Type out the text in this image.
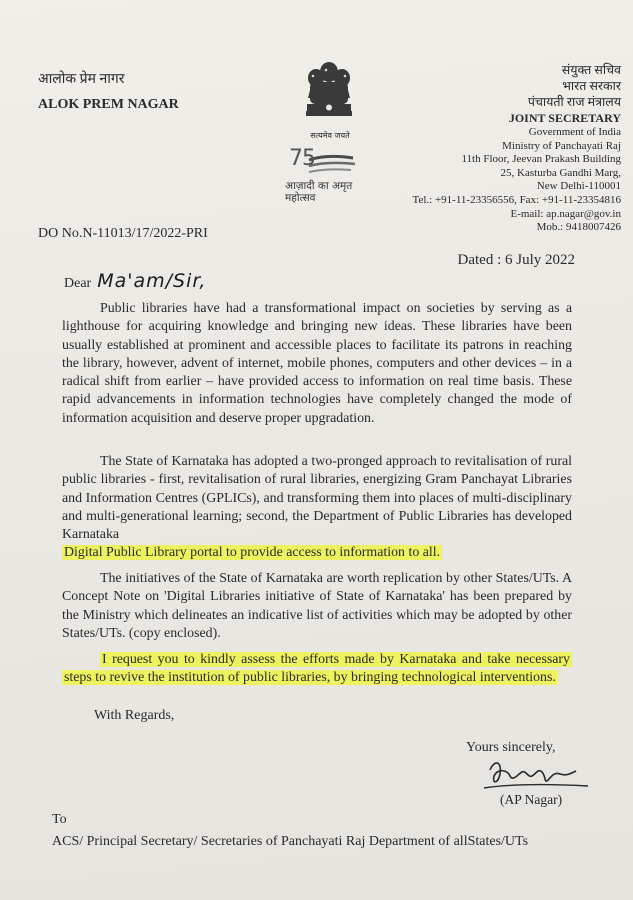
आलोक प्रेम नागर
ALOK PREM NAGAR
सत्यमेव जयते
75
आज़ादी का अमृत महोत्सव
संयुक्त सचिव
भारत सरकार
पंचायती राज मंत्रालय
JOINT SECRETARY
Government of India
Ministry of Panchayati Raj
11th Floor, Jeevan Prakash Building
25, Kasturba Gandhi Marg,
New Delhi-110001
Tel.: +91-11-23356556, Fax: +91-11-23354816
E-mail: ap.nagar@gov.in
Mob.: 9418007426
DO No.N-11013/17/2022-PRI
Dated : 6 July 2022
Dear Ma'am/Sir,

Public libraries have had a transformational impact on societies by serving as a lighthouse for acquiring knowledge and bringing new ideas. These libraries have been usually established at prominent and accessible places to facilitate its patrons in reaching the library, however, advent of internet, mobile phones, computers and other devices – in a radical shift from earlier – have provided access to information on real time basis. These rapid advancements in information technologies have completely changed the mode of information acquisition and deserve proper upgradation.

The State of Karnataka has adopted a two-pronged approach to revitalisation of rural public libraries - first, revitalisation of rural libraries, energizing Gram Panchayat Libraries and Information Centres (GPLICs), and transforming them into places of multi-disciplinary and multi-generational learning; second, the Department of Public Libraries has developed Karnataka

Digital Public Library portal to provide access to information to all.

The initiatives of the State of Karnataka are worth replication by other States/UTs. A Concept Note on 'Digital Libraries initiative of State of Karnataka' has been prepared by the Ministry which delineates an indicative list of activities which may be adopted by other States/UTs. (copy enclosed).

I request you to kindly assess the efforts made by Karnataka and take necessary steps to revive the institution of public libraries, by bringing technological interventions.

With Regards,
Yours sincerely,
(AP Nagar)
To
ACS/ Principal Secretary/ Secretaries of Panchayati Raj Department of allStates/UTs
